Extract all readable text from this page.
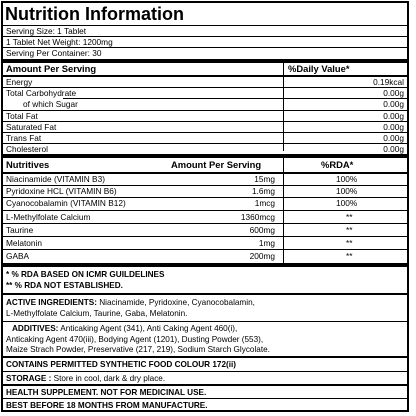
Nutrition Information
Serving Size: 1 Tablet
1 Tablet Net Weight: 1200mg
Serving Per Container: 30
Amount Per Serving	%Daily Value*
Energy	0.19kcal
Total Carbohydrate	0.00g
of which Sugar	0.00g
Total Fat	0.00g
Saturated Fat	0.00g
Trans Fat	0.00g
Cholesterol	0.00g
Nutritives	Amount Per Serving	%RDA*
Niacinamide (VITAMIN B3)	15mg	100%
Pyridoxine HCL (VITAMIN B6)	1.6mg	100%
Cyanocobalamin (VITAMIN B12)	1mcg	100%
L-Methylfolate Calcium	1360mcg	**
Taurine	600mg	**
Melatonin	1mg	**
GABA	200mg	**
* % RDA BASED ON ICMR GUILDELINES
** % RDA NOT ESTABLISHED.
ACTIVE INGREDIENTS: Niacinamide, Pyridoxine, Cyanocobalamin,
L-Methylfolate Calcium, Taurine, Gaba, Melatonin.
ADDITIVES: Anticaking Agent (341), Anti Caking Agent 460(i),
Anticaking Agent 470(iii), Bodying Agent (1201), Dusting Powder (553),
Maize Strach Powder, Preservative (217, 219), Sodium Starch Glycolate.
CONTAINS PERMITTED SYNTHETIC FOOD COLOUR 172(ii)
STORAGE : Store in cool, dark & dry place.
HEALTH SUPPLEMENT. NOT FOR MEDICINAL USE.
BEST BEFORE 18 MONTHS FROM MANUFACTURE.
